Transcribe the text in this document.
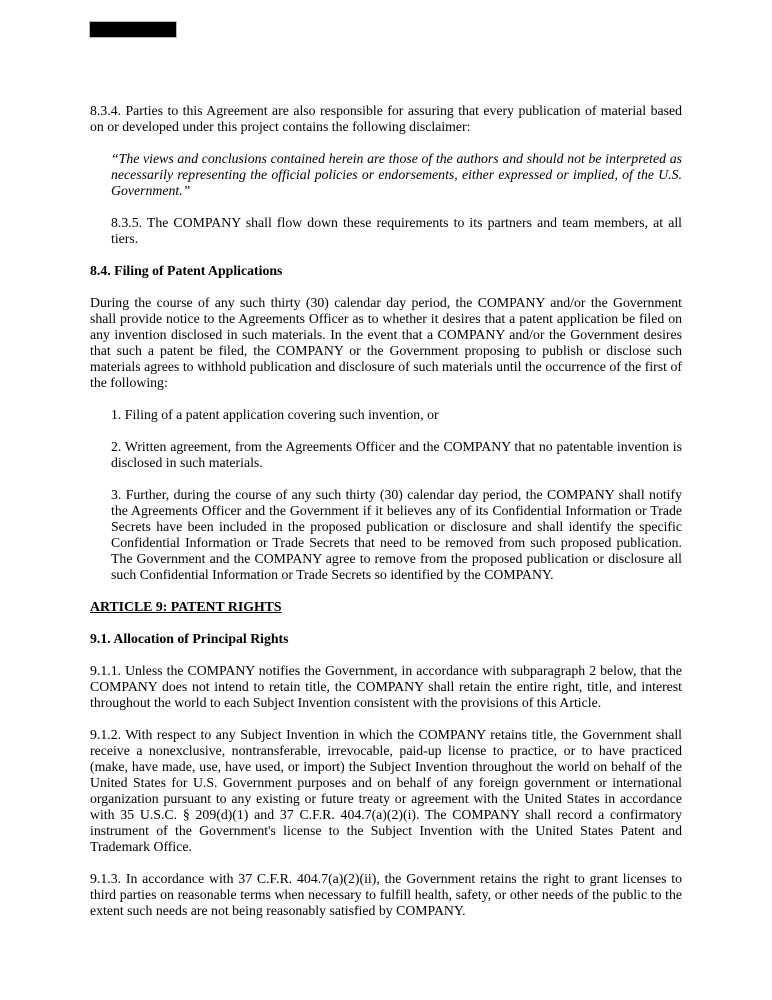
8.3.4. Parties to this Agreement are also responsible for assuring that every publication of material based on or developed under this project contains the following disclaimer:

“The views and conclusions contained herein are those of the authors and should not be interpreted as necessarily representing the official policies or endorsements, either expressed or implied, of the U.S. Government.”

8.3.5. The COMPANY shall flow down these requirements to its partners and team members, at all tiers.

8.4. Filing of Patent Applications

During the course of any such thirty (30) calendar day period, the COMPANY and/or the Government shall provide notice to the Agreements Officer as to whether it desires that a patent application be filed on any invention disclosed in such materials. In the event that a COMPANY and/or the Government desires that such a patent be filed, the COMPANY or the Government proposing to publish or disclose such materials agrees to withhold publication and disclosure of such materials until the occurrence of the first of the following:

1. Filing of a patent application covering such invention, or

2. Written agreement, from the Agreements Officer and the COMPANY that no patentable invention is disclosed in such materials.

3. Further, during the course of any such thirty (30) calendar day period, the COMPANY shall notify the Agreements Officer and the Government if it believes any of its Confidential Information or Trade Secrets have been included in the proposed publication or disclosure and shall identify the specific Confidential Information or Trade Secrets that need to be removed from such proposed publication. The Government and the COMPANY agree to remove from the proposed publication or disclosure all such Confidential Information or Trade Secrets so identified by the COMPANY.

ARTICLE 9: PATENT RIGHTS

9.1. Allocation of Principal Rights

9.1.1. Unless the COMPANY notifies the Government, in accordance with subparagraph 2 below, that the COMPANY does not intend to retain title, the COMPANY shall retain the entire right, title, and interest throughout the world to each Subject Invention consistent with the provisions of this Article.

9.1.2. With respect to any Subject Invention in which the COMPANY retains title, the Government shall receive a nonexclusive, nontransferable, irrevocable, paid-up license to practice, or to have practiced (make, have made, use, have used, or import) the Subject Invention throughout the world on behalf of the United States for U.S. Government purposes and on behalf of any foreign government or international organization pursuant to any existing or future treaty or agreement with the United States in accordance with 35 U.S.C. § 209(d)(1) and 37 C.F.R. 404.7(a)(2)(i). The COMPANY shall record a confirmatory instrument of the Government's license to the Subject Invention with the United States Patent and Trademark Office.

9.1.3. In accordance with 37 C.F.R. 404.7(a)(2)(ii), the Government retains the right to grant licenses to third parties on reasonable terms when necessary to fulfill health, safety, or other needs of the public to the extent such needs are not being reasonably satisfied by COMPANY.
